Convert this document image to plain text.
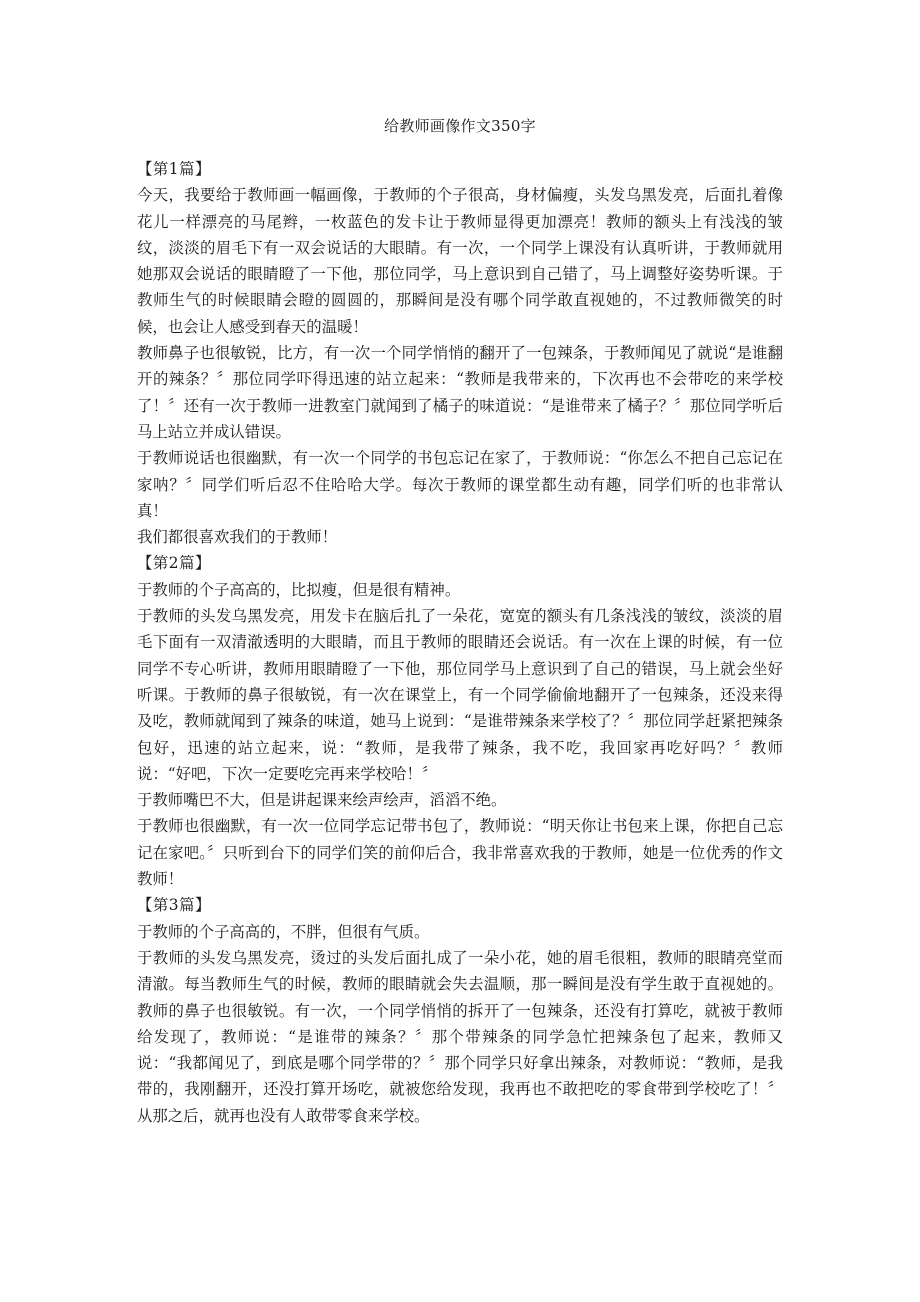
给教师画像作文350字

【第1篇】

今天，我要给于教师画一幅画像，于教师的个子很高，身材偏瘦，头发乌黑发亮，后面扎着像花儿一样漂亮的马尾辫，一枚蓝色的发卡让于教师显得更加漂亮！教师的额头上有浅浅的皱纹，淡淡的眉毛下有一双会说话的大眼睛。有一次，一个同学上课没有认真听讲，于教师就用她那双会说话的眼睛瞪了一下他，那位同学，马上意识到自己错了，马上调整好姿势听课。于教师生气的时候眼睛会瞪的圆圆的，那瞬间是没有哪个同学敢直视她的，不过教师微笑的时候，也会让人感受到春天的温暖！

教师鼻子也很敏锐，比方，有一次一个同学悄悄的翻开了一包辣条，于教师闻见了就说“是谁翻开的辣条？〞那位同学吓得迅速的站立起来：“教师是我带来的，下次再也不会带吃的来学校了！〞还有一次于教师一进教室门就闻到了橘子的味道说：“是谁带来了橘子？〞那位同学听后马上站立并成认错误。

于教师说话也很幽默，有一次一个同学的书包忘记在家了，于教师说：“你怎么不把自己忘记在家呐？〞同学们听后忍不住哈哈大学。每次于教师的课堂都生动有趣，同学们听的也非常认真！

我们都很喜欢我们的于教师！

【第2篇】

于教师的个子高高的，比拟瘦，但是很有精神。

于教师的头发乌黑发亮，用发卡在脑后扎了一朵花，宽宽的额头有几条浅浅的皱纹，淡淡的眉毛下面有一双清澈透明的大眼睛，而且于教师的眼睛还会说话。有一次在上课的时候，有一位同学不专心听讲，教师用眼睛瞪了一下他，那位同学马上意识到了自己的错误，马上就会坐好听课。于教师的鼻子很敏锐，有一次在课堂上，有一个同学偷偷地翻开了一包辣条，还没来得及吃，教师就闻到了辣条的味道，她马上说到：“是谁带辣条来学校了？〞那位同学赶紧把辣条包好，迅速的站立起来，说：“教师，是我带了辣条，我不吃，我回家再吃好吗？〞教师说：“好吧，下次一定要吃完再来学校哈！〞

于教师嘴巴不大，但是讲起课来绘声绘声，滔滔不绝。

于教师也很幽默，有一次一位同学忘记带书包了，教师说：“明天你让书包来上课，你把自己忘记在家吧。〞只听到台下的同学们笑的前仰后合，我非常喜欢我的于教师，她是一位优秀的作文教师！

【第3篇】

于教师的个子高高的，不胖，但很有气质。

于教师的头发乌黑发亮，烫过的头发后面扎成了一朵小花，她的眉毛很粗，教师的眼睛亮堂而清澈。每当教师生气的时候，教师的眼睛就会失去温顺，那一瞬间是没有学生敢于直视她的。教师的鼻子也很敏锐。有一次，一个同学悄悄的拆开了一包辣条，还没有打算吃，就被于教师给发现了，教师说：“是谁带的辣条？〞那个带辣条的同学急忙把辣条包了起来，教师又说：“我都闻见了，到底是哪个同学带的？〞那个同学只好拿出辣条，对教师说：“教师，是我带的，我刚翻开，还没打算开场吃，就被您给发现，我再也不敢把吃的零食带到学校吃了！〞从那之后，就再也没有人敢带零食来学校。
